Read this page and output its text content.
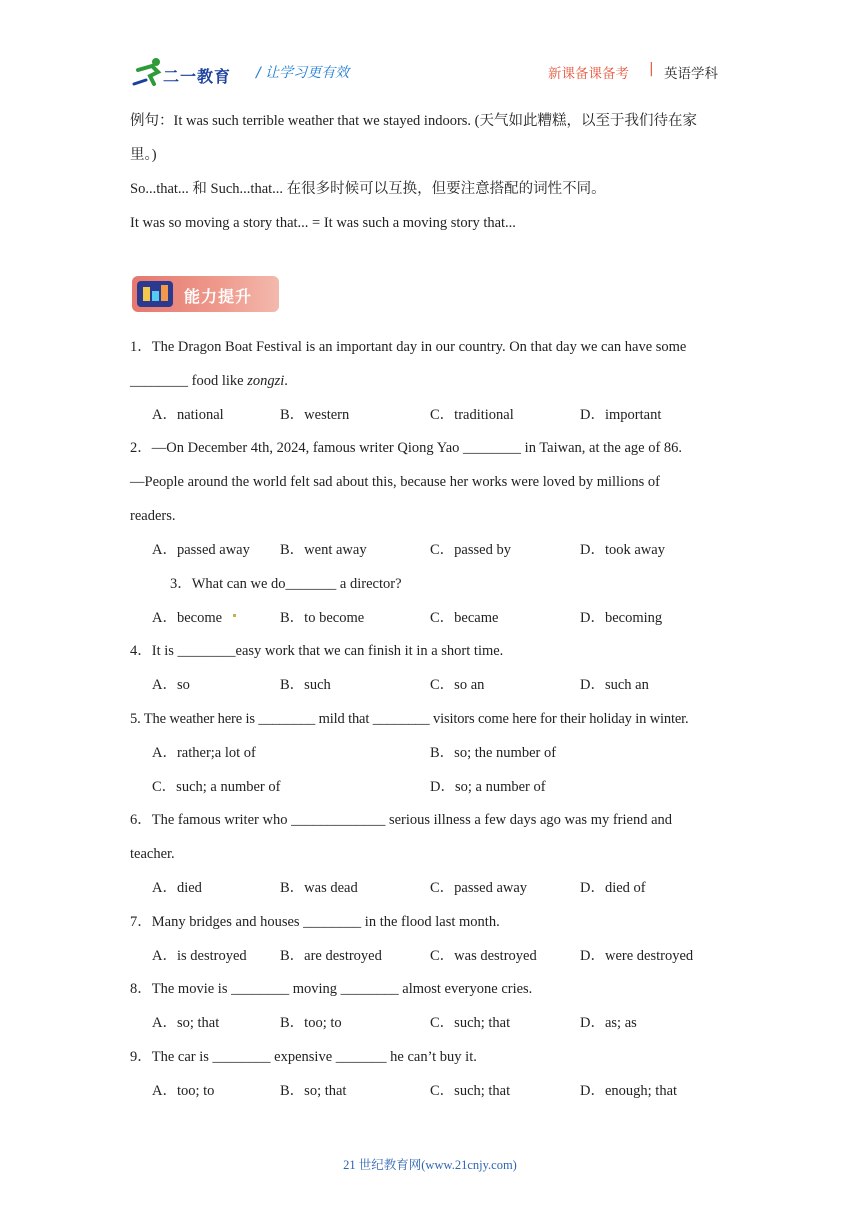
二一教育 / 让学习更有效	新课备课备考 | 英语学科
例句：It was such terrible weather that we stayed indoors. (天气如此糟糕，以至于我们待在家
里。)
So...that... 和 Such...that... 在很多时候可以互换，但要注意搭配的词性不同。
It was so moving a story that... = It was such a moving story that...
能力提升
1．The Dragon Boat Festival is an important day in our country. On that day we can have some
________ food like zongzi.
A．national	B．western	C．traditional	D．important
2．—On December 4th, 2024, famous writer Qiong Yao ________ in Taiwan, at the age of 86.
—People around the world felt sad about this, because her works were loved by millions of
readers.
A．passed away B．went away	C．passed by	D．took away
3．What can we do_______ a director?
A．become	B．to become	C．became	D．becoming
4．It is ________easy work that we can finish it in a short time.
A．so	B．such	C．so an	D．such an
5. The weather here is ________ mild that ________ visitors come here for their holiday in winter.
A．rather;a lot of	B．so; the number of
C．such; a number of	D．so; a number of
6．The famous writer who _____________ serious illness a few days ago was my friend and
teacher.
A．died	B．was dead	C．passed away	D．died of
7．Many bridges and houses ________ in the flood last month.
A．is destroyed B．are destroyed	C．was destroyed	D．were destroyed
8．The movie is ________ moving ________ almost everyone cries.
A．so; that	B．too; to	C．such; that	D．as; as
9．The car is ________ expensive _______ he can’t buy it.
A．too; to	B．so; that	C．such; that	D．enough; that
21 世纪教育网(www.21cnjy.com)
